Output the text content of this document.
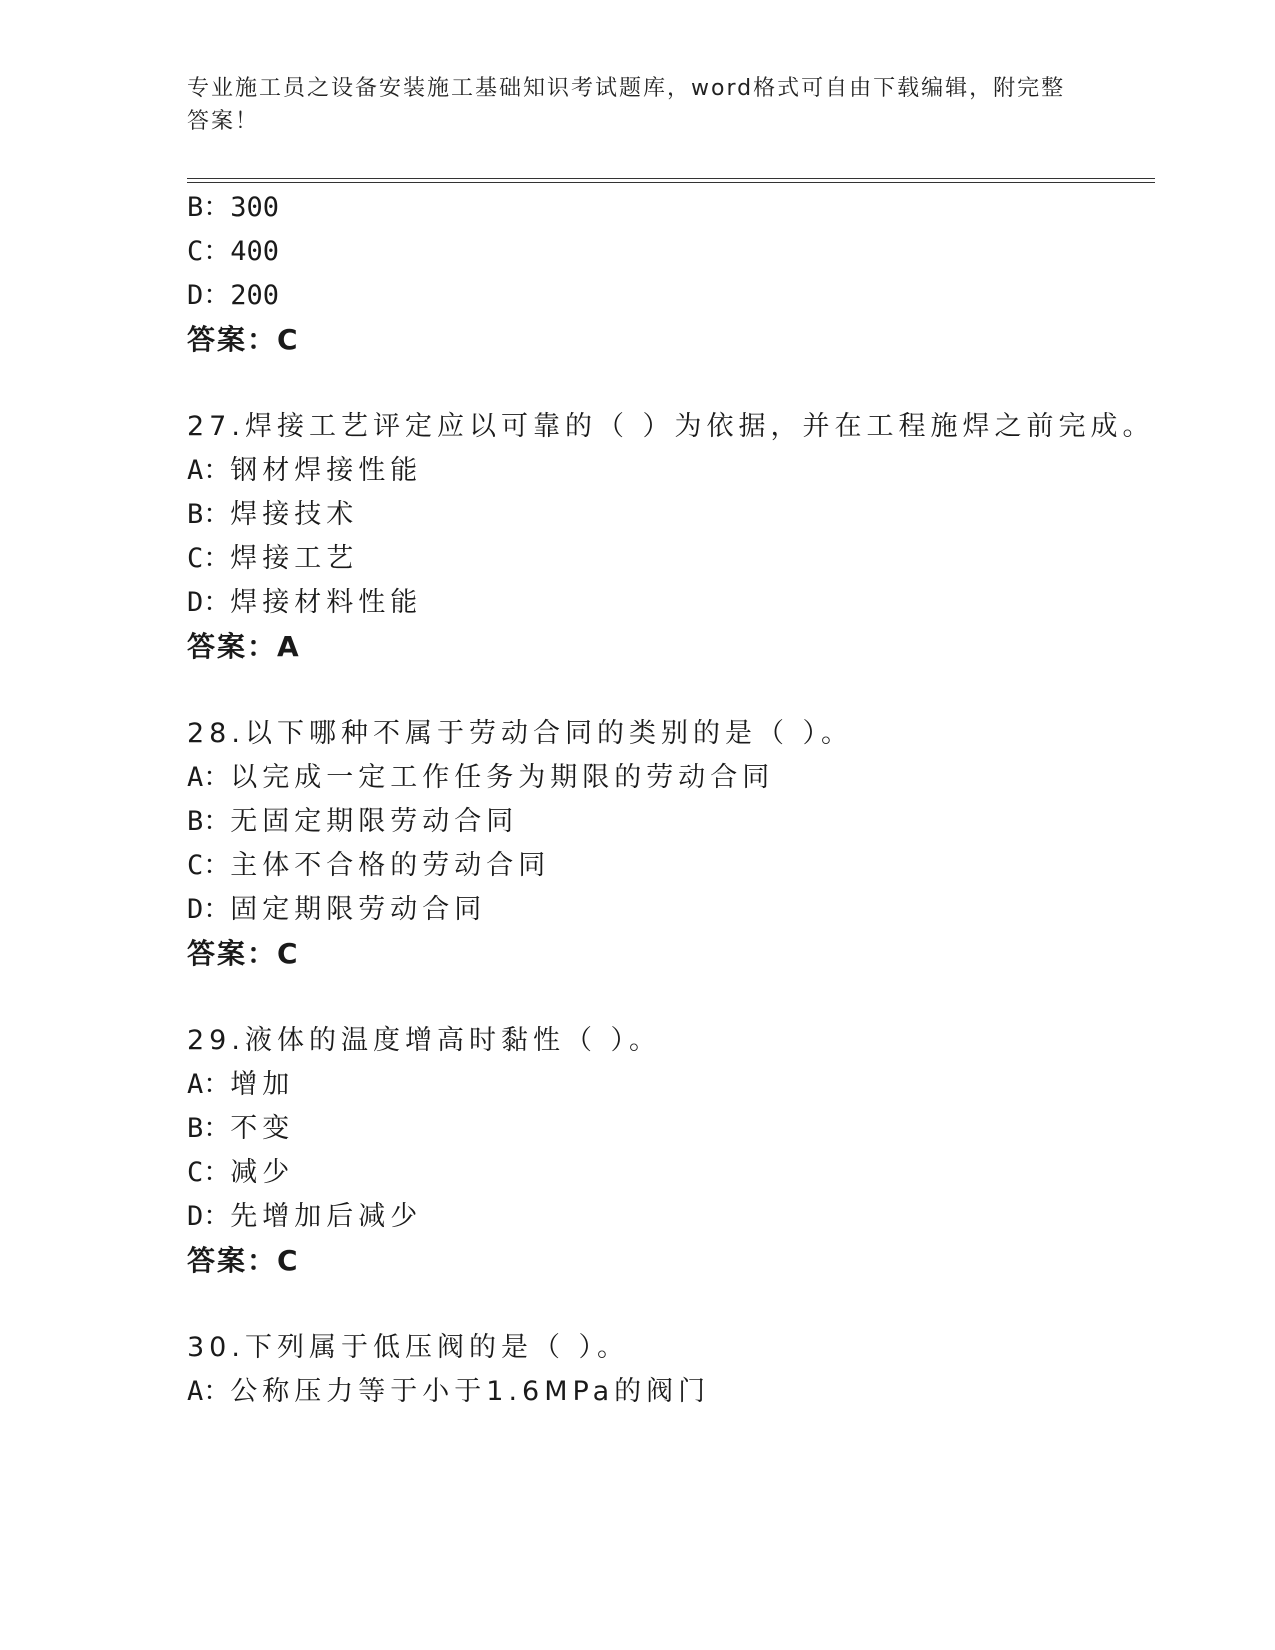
专业施工员之设备安装施工基础知识考试题库，word格式可自由下载编辑，附完整答案！
B：300
C：400
D：200
答案：C
27.焊接工艺评定应以可靠的（ ）为依据，并在工程施焊之前完成。
A：钢材焊接性能
B：焊接技术
C：焊接工艺
D：焊接材料性能
答案：A
28.以下哪种不属于劳动合同的类别的是（ ）。
A：以完成一定工作任务为期限的劳动合同
B：无固定期限劳动合同
C：主体不合格的劳动合同
D：固定期限劳动合同
答案：C
29.液体的温度增高时黏性（ ）。
A：增加
B：不变
C：减少
D：先增加后减少
答案：C
30.下列属于低压阀的是（ ）。
A：公称压力等于小于1.6MPa的阀门
